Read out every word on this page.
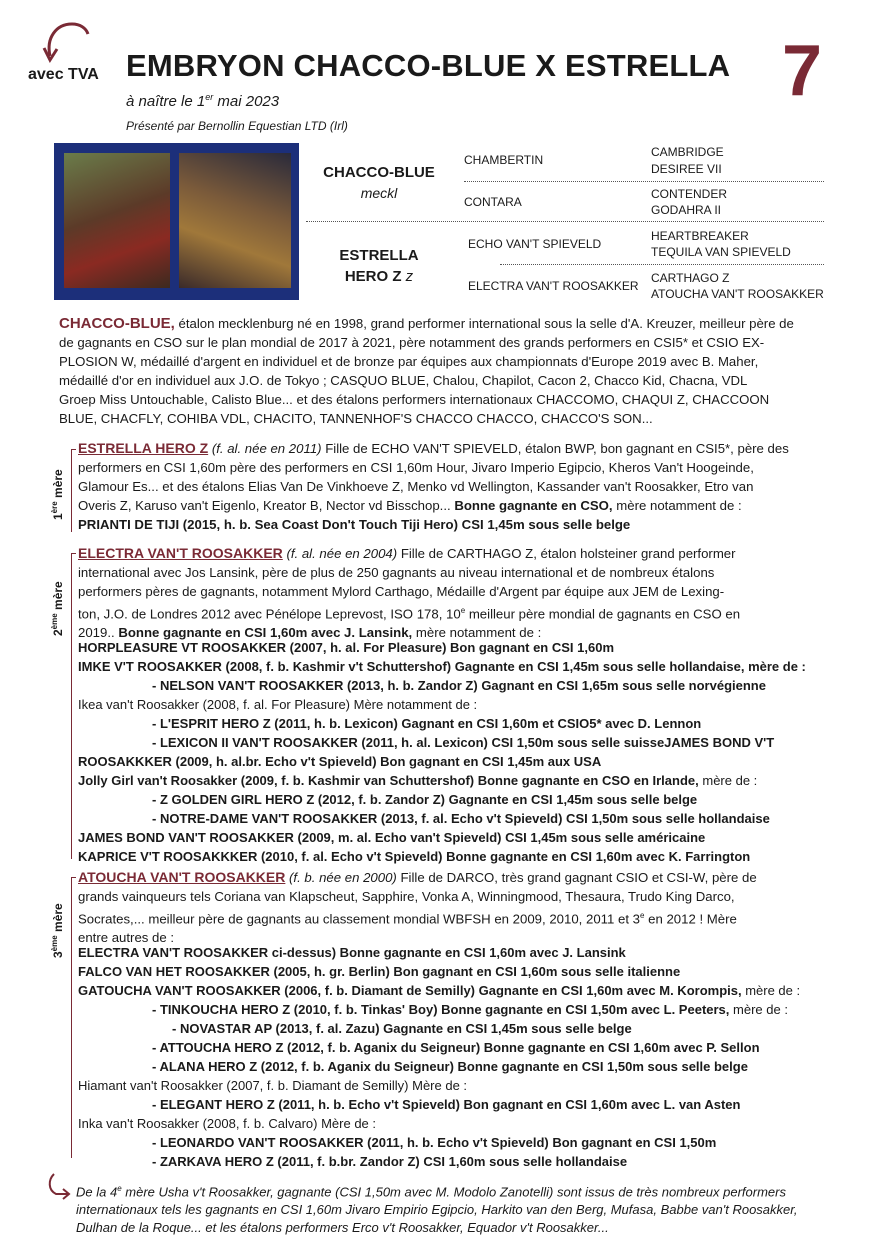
avec TVA EMBRYON CHACCO-BLUE X ESTRELLA 7
à naître le 1er mai 2023
Présenté par Bernollin Equestian LTD (Irl)
CHACCO-BLUE
meckl
ESTRELLA
HERO Z z
CHAMBERTIN
CONTARA
ECHO VAN'T SPIEVELD
ELECTRA VAN'T ROOSAKKER
CAMBRIDGE
DESIREE VII
CONTENDER
GODAHRA II
HEARTBREAKER
TEQUILA VAN SPIEVELD
CARTHAGO Z
ATOUCHA VAN'T ROOSAKKER
CHACCO-BLUE, étalon mecklenburg né en 1998, grand performer international sous la selle d'A. Kreuzer, meilleur père de
de gagnants en CSO sur le plan mondial de 2017 à 2021, père notamment des grands performers en CSI5* et CSIO EX-
PLOSION W, médaillé d'argent en individuel et de bronze par équipes aux championnats d'Europe 2019 avec B. Maher,
médaillé d'or en individuel aux J.O. de Tokyo ; CASQUO BLUE, Chalou, Chapilot, Cacon 2, Chacco Kid, Chacna, VDL
Groep Miss Untouchable, Calisto Blue... et des étalons performers internationaux CHACCOMO, CHAQUI Z, CHACCOON
BLUE, CHACFLY, COHIBA VDL, CHACITO, TANNENHOF'S CHACCO CHACCO, CHACCO'S SON...
1ère mère
ESTRELLA HERO Z (f. al. née en 2011) Fille de ECHO VAN'T SPIEVELD, étalon BWP, bon gagnant en CSI5*, père des
performers en CSI 1,60m père des performers en CSI 1,60m Hour, Jivaro Imperio Egipcio, Kheros Van't Hoogeinde,
Glamour Es... et des étalons Elias Van De Vinkhoeve Z, Menko vd Wellington, Kassander van't Roosakker, Etro van
Overis Z, Karuso van't Eigenlo, Kreator B, Nector vd Bisschop... Bonne gagnante en CSO, mère notamment de :
PRIANTI DE TIJI (2015, h. b. Sea Coast Don't Touch Tiji Hero) CSI 1,45m sous selle belge
2ème mère
ELECTRA VAN'T ROOSAKKER (f. al. née en 2004) Fille de CARTHAGO Z, étalon holsteiner grand performer
international avec Jos Lansink, père de plus de 250 gagnants au niveau international et de nombreux étalons
performers pères de gagnants, notamment Mylord Carthago, Médaille d'Argent par équipe aux JEM de Lexing-
ton, J.O. de Londres 2012 avec Pénélope Leprevost, ISO 178, 10e meilleur père mondial de gagnants en CSO en
2019.. Bonne gagnante en CSI 1,60m avec J. Lansink, mère notamment de :
HORPLEASURE VT ROOSAKKER (2007, h. al. For Pleasure) Bon gagnant en CSI 1,60m
IMKE V'T ROOSAKKER (2008, f. b. Kashmir v't Schuttershof) Gagnante en CSI 1,45m sous selle hollandaise, mère de :
- NELSON VAN'T ROOSAKKER (2013, h. b. Zandor Z) Gagnant en CSI 1,65m sous selle norvégienne
Ikea van't Roosakker (2008, f. al. For Pleasure) Mère notamment de :
- L'ESPRIT HERO Z (2011, h. b. Lexicon) Gagnant en CSI 1,60m et CSIO5* avec D. Lennon
- LEXICON II VAN'T ROOSAKKER (2011, h. al. Lexicon) CSI 1,50m sous selle suisseJAMES BOND V'T
ROOSAKKKER (2009, h. al.br. Echo v't Spieveld) Bon gagnant en CSI 1,45m aux USA
Jolly Girl van't Roosakker (2009, f. b. Kashmir van Schuttershof) Bonne gagnante en CSO en Irlande, mère de :
- Z GOLDEN GIRL HERO Z (2012, f. b. Zandor Z) Gagnante en CSI 1,45m sous selle belge
- NOTRE-DAME VAN'T ROOSAKKER (2013, f. al. Echo v't Spieveld) CSI 1,50m sous selle hollandaise
JAMES BOND VAN'T ROOSAKKER (2009, m. al. Echo van't Spieveld) CSI 1,45m sous selle américaine
KAPRICE V'T ROOSAKKKER (2010, f. al. Echo v't Spieveld) Bonne gagnante en CSI 1,60m avec K. Farrington
3ème mère
ATOUCHA VAN'T ROOSAKKER (f. b. née en 2000) Fille de DARCO, très grand gagnant CSIO et CSI-W, père de
grands vainqueurs tels Coriana van Klapscheut, Sapphire, Vonka A, Winningmood, Thesaura, Trudo King Darco,
Socrates,... meilleur père de gagnants au classement mondial WBFSH en 2009, 2010, 2011 et 3e en 2012 ! Mère
entre autres de :
ELECTRA VAN'T ROOSAKKER ci-dessus) Bonne gagnante en CSI 1,60m avec J. Lansink
FALCO VAN HET ROOSAKKER (2005, h. gr. Berlin) Bon gagnant en CSI 1,60m sous selle italienne
GATOUCHA VAN'T ROOSAKKER (2006, f. b. Diamant de Semilly) Gagnante en CSI 1,60m avec M. Korompis, mère de :
- TINKOUCHA HERO Z (2010, f. b. Tinkas' Boy) Bonne gagnante en CSI 1,50m avec L. Peeters, mère de :
- NOVASTAR AP (2013, f. al. Zazu) Gagnante en CSI 1,45m sous selle belge
- ATTOUCHA HERO Z (2012, f. b. Aganix du Seigneur) Bonne gagnante en CSI 1,60m avec P. Sellon
- ALANA HERO Z (2012, f. b. Aganix du Seigneur) Bonne gagnante en CSI 1,50m sous selle belge
Hiamant van't Roosakker (2007, f. b. Diamant de Semilly) Mère de :
- ELEGANT HERO Z (2011, h. b. Echo v't Spieveld) Bon gagnant en CSI 1,60m avec L. van Asten
Inka van't Roosakker (2008, f. b. Calvaro) Mère de :
- LEONARDO VAN'T ROOSAKKER (2011, h. b. Echo v't Spieveld) Bon gagnant en CSI 1,50m
- ZARKAVA HERO Z (2011, f. b.br. Zandor Z) CSI 1,60m sous selle hollandaise
De la 4e mère Usha v't Roosakker, gagnante (CSI 1,50m avec M. Modolo Zanotelli) sont issus de très nombreux performers internationaux tels les gagnants en CSI 1,60m Jivaro Empirio Egipcio, Harkito van den Berg, Mufasa, Babbe van't Roosakker, Dulhan de la Roque... et les étalons performers Erco v't Roosakker, Equador v't Roosakker...
